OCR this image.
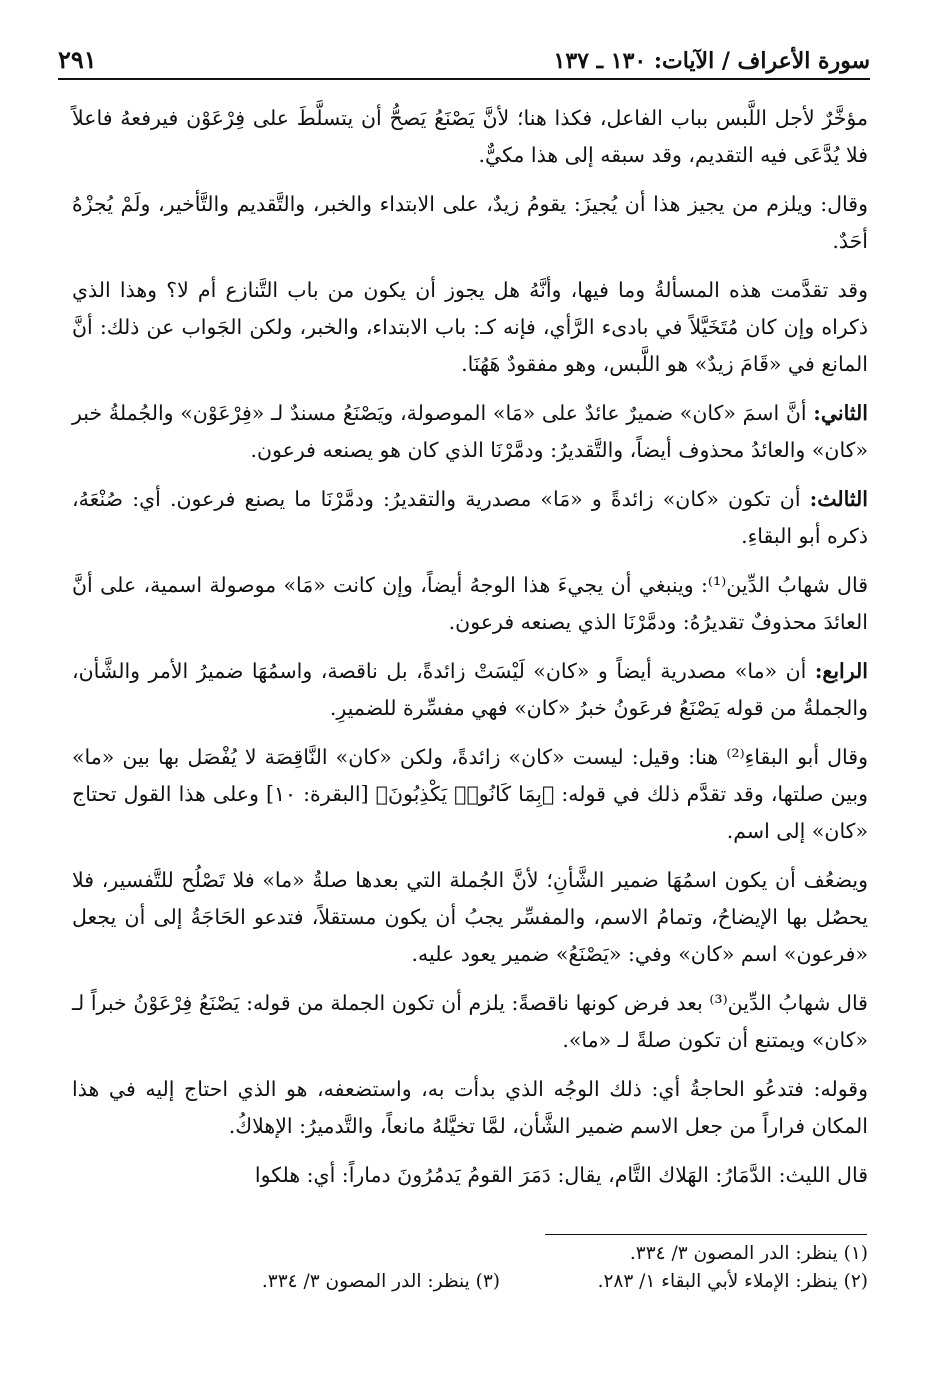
سورة الأعراف / الآيات: ١٣٠ ـ ١٣٧
٢٩١

مؤخَّرٌ لأجل اللَّبس بباب الفاعل، فكذا هنا؛ لأنَّ يَصْنَعُ يَصحُّ أن يتسلَّطَ على فِرْعَوْن فيرفعهُ فاعلاً فلا يُدَّعَى فيه التقديم، وقد سبقه إلى هذا مكيٌّ.

وقال: ويلزم من يجيز هذا أن يُجيزَ: يقومُ زيدٌ، على الابتداء والخبر، والتَّقديم والتَّأخير، ولَمْ يُجزْهُ أحَدٌ.

وقد تقدَّمت هذه المسألةُ وما فيها، وأنَّهُ هل يجوز أن يكون من باب التَّنازع أم لا؟ وهذا الذي ذكراه وإن كان مُتَخَيَّلاً في بادىء الرَّأي، فإنه كـ: باب الابتداء، والخبر، ولكن الجَواب عن ذلك: أنَّ المانع في «قَامَ زيدٌ» هو اللَّبس، وهو مفقودٌ هَهُنَا.

الثاني: أنَّ اسمَ «كان» ضميرٌ عائدٌ على «مَا» الموصولة، ويَصْنَعُ مسندٌ لـ «فِرْعَوْن» والجُملةُ خبر «كان» والعائدُ محذوف أيضاً، والتَّقديرُ: ودمَّرْنَا الذي كان هو يصنعه فرعون.

الثالث: أن تكون «كان» زائدةً و «مَا» مصدرية والتقديرُ: ودمَّرْنَا ما يصنع فرعون. أي: صُنْعَهُ، ذكره أبو البقاءِ.

قال شهابُ الدِّين⁽¹⁾: وينبغي أن يجيءَ هذا الوجهُ أيضاً، وإن كانت «مَا» موصولة اسمية، على أنَّ العائدَ محذوفٌ تقديرُهُ: ودمَّرْنَا الذي يصنعه فرعون.

الرابع: أن «ما» مصدرية أيضاً و «كان» لَيْسَتْ زائدةً، بل ناقصة، واسمُهَا ضميرُ الأمر والشَّأن، والجملةُ من قوله يَصْنَعُ فرعَونُ خبرُ «كان» فهي مفسِّرة للضميرِ.

وقال أبو البقاءِ⁽²⁾ هنا: وقيل: ليست «كان» زائدةً، ولكن «كان» النَّاقِصَة لا يُفْصَل بها بين «ما» وبين صلتها، وقد تقدَّم ذلك في قوله: ﴿بِمَا كَانُوا۟ يَكْذِبُونَ﴾ [البقرة: ١٠] وعلى هذا القول تحتاج «كان» إلى اسم.

ويضعُف أن يكون اسمُهَا ضمير الشَّأنِ؛ لأنَّ الجُملة التي بعدها صلةُ «ما» فلا تَصْلُح للتَّفسير، فلا يحصُل بها الإيضاحُ، وتمامُ الاسم، والمفسِّر يجبُ أن يكون مستقلاً، فتدعو الحَاجَةُ إلى أن يجعل «فرعون» اسم «كان» وفي: «يَصْنَعُ» ضمير يعود عليه.

قال شهابُ الدِّين⁽³⁾ بعد فرض كونها ناقصةً: يلزم أن تكون الجملة من قوله: يَصْنَعُ فِرْعَوْنُ خبراً لـ «كان» ويمتنع أن تكون صلةً لـ «ما».

وقوله: فتدعُو الحاجةُ أي: ذلك الوجُه الذي بدأت به، واستضعفه، هو الذي احتاج إليه في هذا المكان فراراً من جعل الاسم ضمير الشَّأن، لمَّا تخيَّلهُ مانعاً، والتَّدميرُ: الإهلاكُ.

قال الليث: الدَّمَارُ: الهَلاك التَّام، يقال: دَمَرَ القومُ يَدمُرُونَ دماراً: أي: هلكوا

(١) ينظر: الدر المصون ٣/ ٣٣٤.
(٢) ينظر: الإملاء لأبي البقاء ١/ ٢٨٣.
(٣) ينظر: الدر المصون ٣/ ٣٣٤.
